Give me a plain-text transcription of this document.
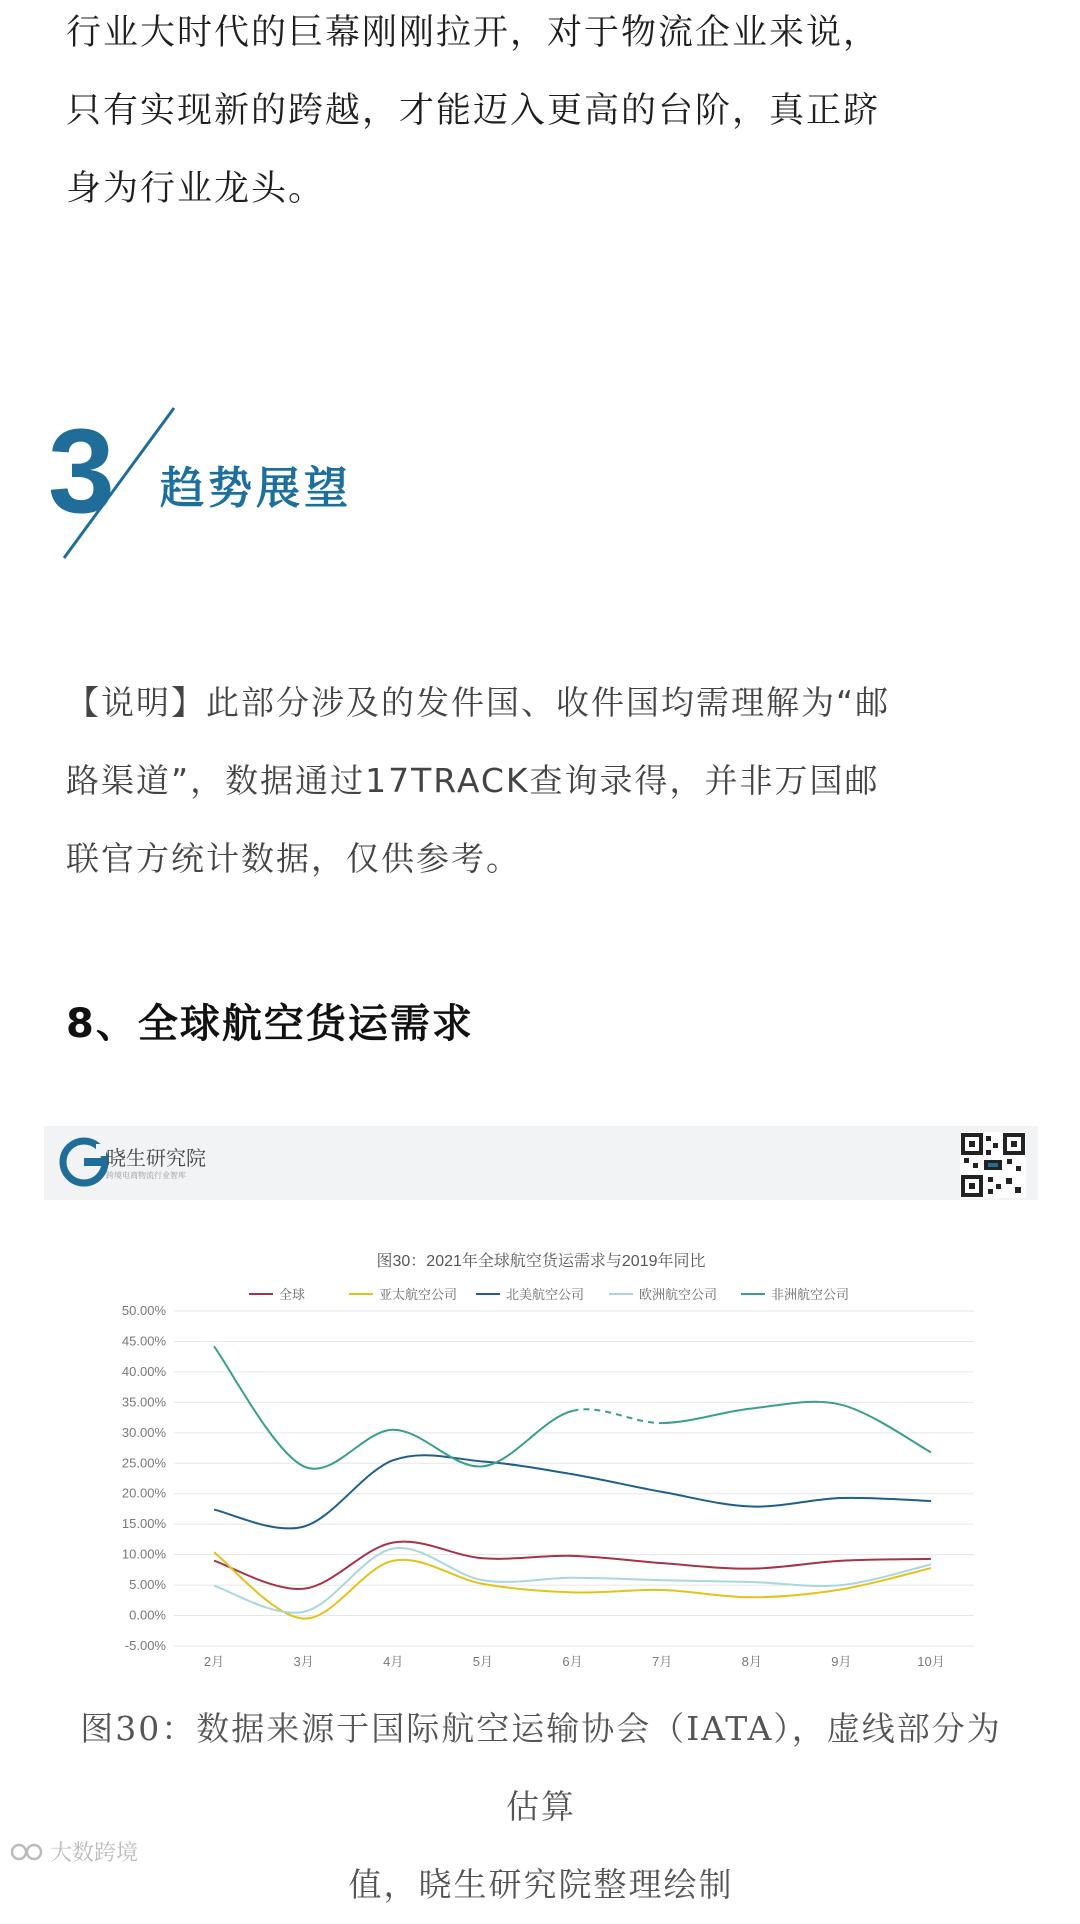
行业大时代的巨幕刚刚拉开，对于物流企业来说，
只有实现新的跨越，才能迈入更高的台阶，真正跻
身为行业龙头。

3 趋势展望

【说明】此部分涉及的发件国、收件国均需理解为“邮
路渠道”，数据通过17TRACK查询录得，并非万国邮
联官方统计数据，仅供参考。

8、全球航空货运需求
晓生研究院
跨境电商物流行业智库
图30：2021年全球航空货运需求与2019年同比
全球	亚太航空公司	北美航空公司	欧洲航空公司	非洲航空公司
50.00%
45.00%
40.00%
35.00%
30.00%
25.00%
20.00%
15.00%
10.00%
5.00%
0.00%
-5.00%
2月	3月	4月	5月	6月	7月	8月	9月	10月

图30：数据来源于国际航空运输协会（IATA），虚线部分为估算
值，晓生研究院整理绘制

大数跨境
